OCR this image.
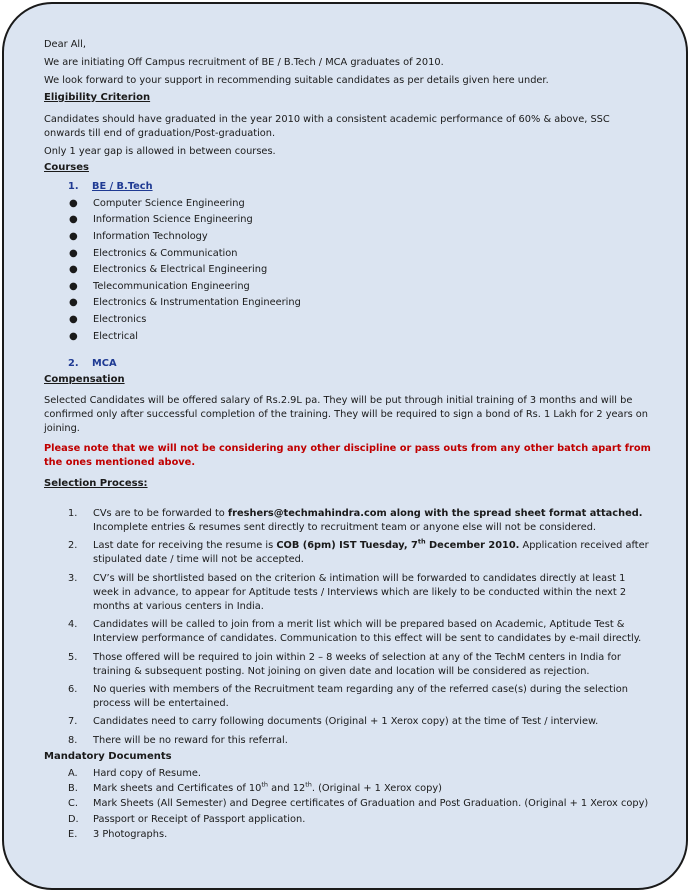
Dear All,

We are initiating Off Campus recruitment of BE / B.Tech / MCA graduates of 2010.

We look forward to your support in recommending suitable candidates as per details given here under.

Eligibility Criterion

Candidates should have graduated in the year 2010 with a consistent academic performance of 60% & above, SSC onwards till end of graduation/Post-graduation.

Only 1 year gap is allowed in between courses.

Courses

1. BE / B.Tech
● Computer Science Engineering
● Information Science Engineering
● Information Technology
● Electronics & Communication
● Electronics & Electrical Engineering
● Telecommunication Engineering
● Electronics & Instrumentation Engineering
● Electronics
● Electrical
2. MCA

Compensation

Selected Candidates will be offered salary of Rs.2.9L pa. They will be put through initial training of 3 months and will be confirmed only after successful completion of the training. They will be required to sign a bond of Rs. 1 Lakh for 2 years on joining.

Please note that we will not be considering any other discipline or pass outs from any other batch apart from the ones mentioned above.

Selection Process:

1. CVs are to be forwarded to freshers@techmahindra.com along with the spread sheet format attached. Incomplete entries & resumes sent directly to recruitment team or anyone else will not be considered.
2. Last date for receiving the resume is COB (6pm) IST Tuesday, 7th December 2010. Application received after stipulated date / time will not be accepted.
3. CV’s will be shortlisted based on the criterion & intimation will be forwarded to candidates directly at least 1 week in advance, to appear for Aptitude tests / Interviews which are likely to be conducted within the next 2 months at various centers in India.
4. Candidates will be called to join from a merit list which will be prepared based on Academic, Aptitude Test & Interview performance of candidates. Communication to this effect will be sent to candidates by e-mail directly.
5. Those offered will be required to join within 2 – 8 weeks of selection at any of the TechM centers in India for training & subsequent posting. Not joining on given date and location will be considered as rejection.
6. No queries with members of the Recruitment team regarding any of the referred case(s) during the selection process will be entertained.
7. Candidates need to carry following documents (Original + 1 Xerox copy) at the time of Test / interview.
8. There will be no reward for this referral.

Mandatory Documents

A. Hard copy of Resume.
B. Mark sheets and Certificates of 10th and 12th. (Original + 1 Xerox copy)
C. Mark Sheets (All Semester) and Degree certificates of Graduation and Post Graduation. (Original + 1 Xerox copy)
D. Passport or Receipt of Passport application.
E. 3 Photographs.
